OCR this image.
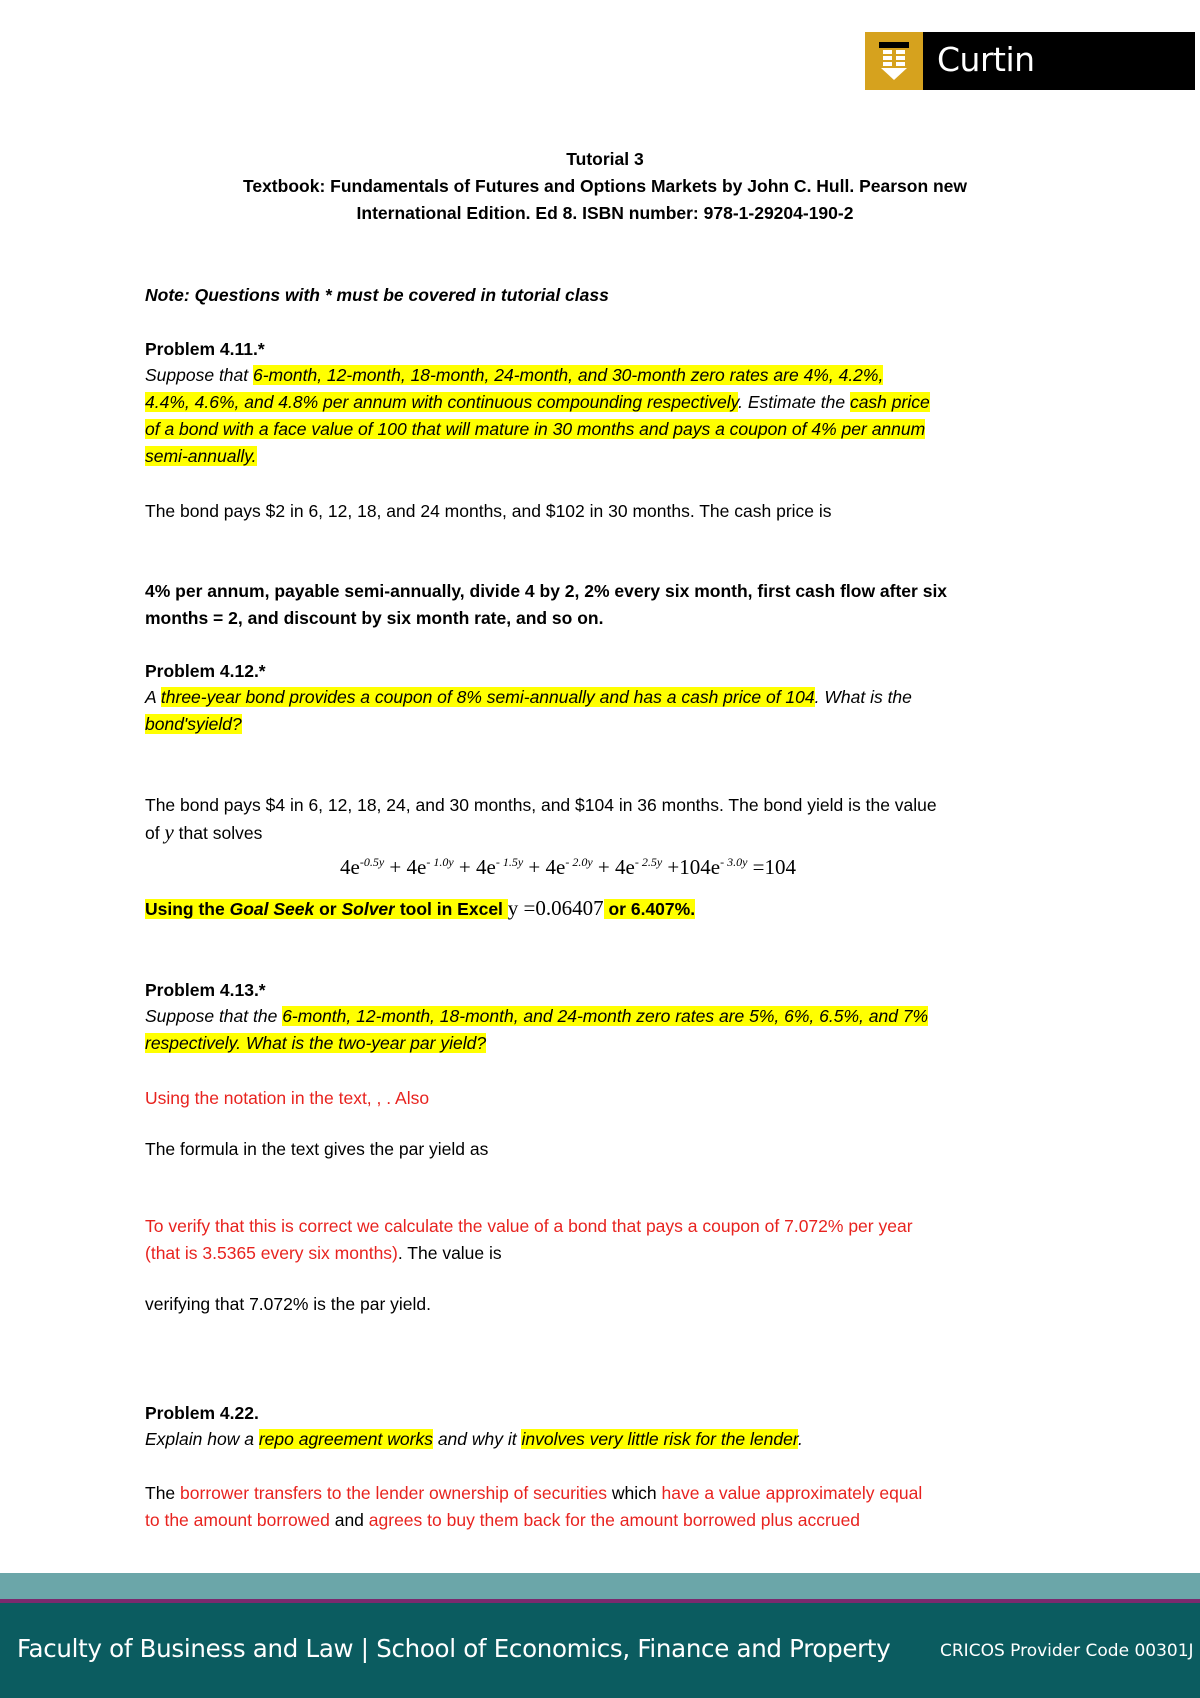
Curtin University
Tutorial 3
Textbook: Fundamentals of Futures and Options Markets by John C. Hull. Pearson new
International Edition. Ed 8. ISBN number: 978-1-29204-190-2
Note: Questions with * must be covered in tutorial class
Problem 4.11.*
Suppose that 6-month, 12-month, 18-month, 24-month, and 30-month zero rates are 4%, 4.2%,
4.4%, 4.6%, and 4.8% per annum with continuous compounding respectively. Estimate the cash price
of a bond with a face value of 100 that will mature in 30 months and pays a coupon of 4% per annum
semi-annually.
The bond pays $2 in 6, 12, 18, and 24 months, and $102 in 30 months. The cash price is
4% per annum, payable semi-annually, divide 4 by 2, 2% every six month, first cash flow after six
months = 2, and discount by six month rate, and so on.
Problem 4.12.*
A three-year bond provides a coupon of 8% semi-annually and has a cash price of 104. What is the
bond'syield?
The bond pays $4 in 6, 12, 18, 24, and 30 months, and $104 in 36 months. The bond yield is the value
of y that solves
$4e^{-0.5y} + 4e^{- 1.0y} + 4e^{- 1.5y} + 4e^{- 2.0y} + 4e^{- 2.5y} +104e^{- 3.0y} =104$
Using the Goal Seek or Solver tool in Excel y =0.06407 or 6.407%.
Problem 4.13.*
Suppose that the 6-month, 12-month, 18-month, and 24-month zero rates are 5%, 6%, 6.5%, and 7%
respectively. What is the two-year par yield?
Using the notation in the text, , . Also
The formula in the text gives the par yield as
To verify that this is correct we calculate the value of a bond that pays a coupon of 7.072% per year
(that is 3.5365 every six months). The value is
verifying that 7.072% is the par yield.
Problem 4.22.
Explain how a repo agreement works and why it involves very little risk for the lender.
The borrower transfers to the lender ownership of securities which have a value approximately equal
to the amount borrowed and agrees to buy them back for the amount borrowed plus accrued
Faculty of Business and Law | School of Economics, Finance and Property	CRICOS Provider Code 00301J
